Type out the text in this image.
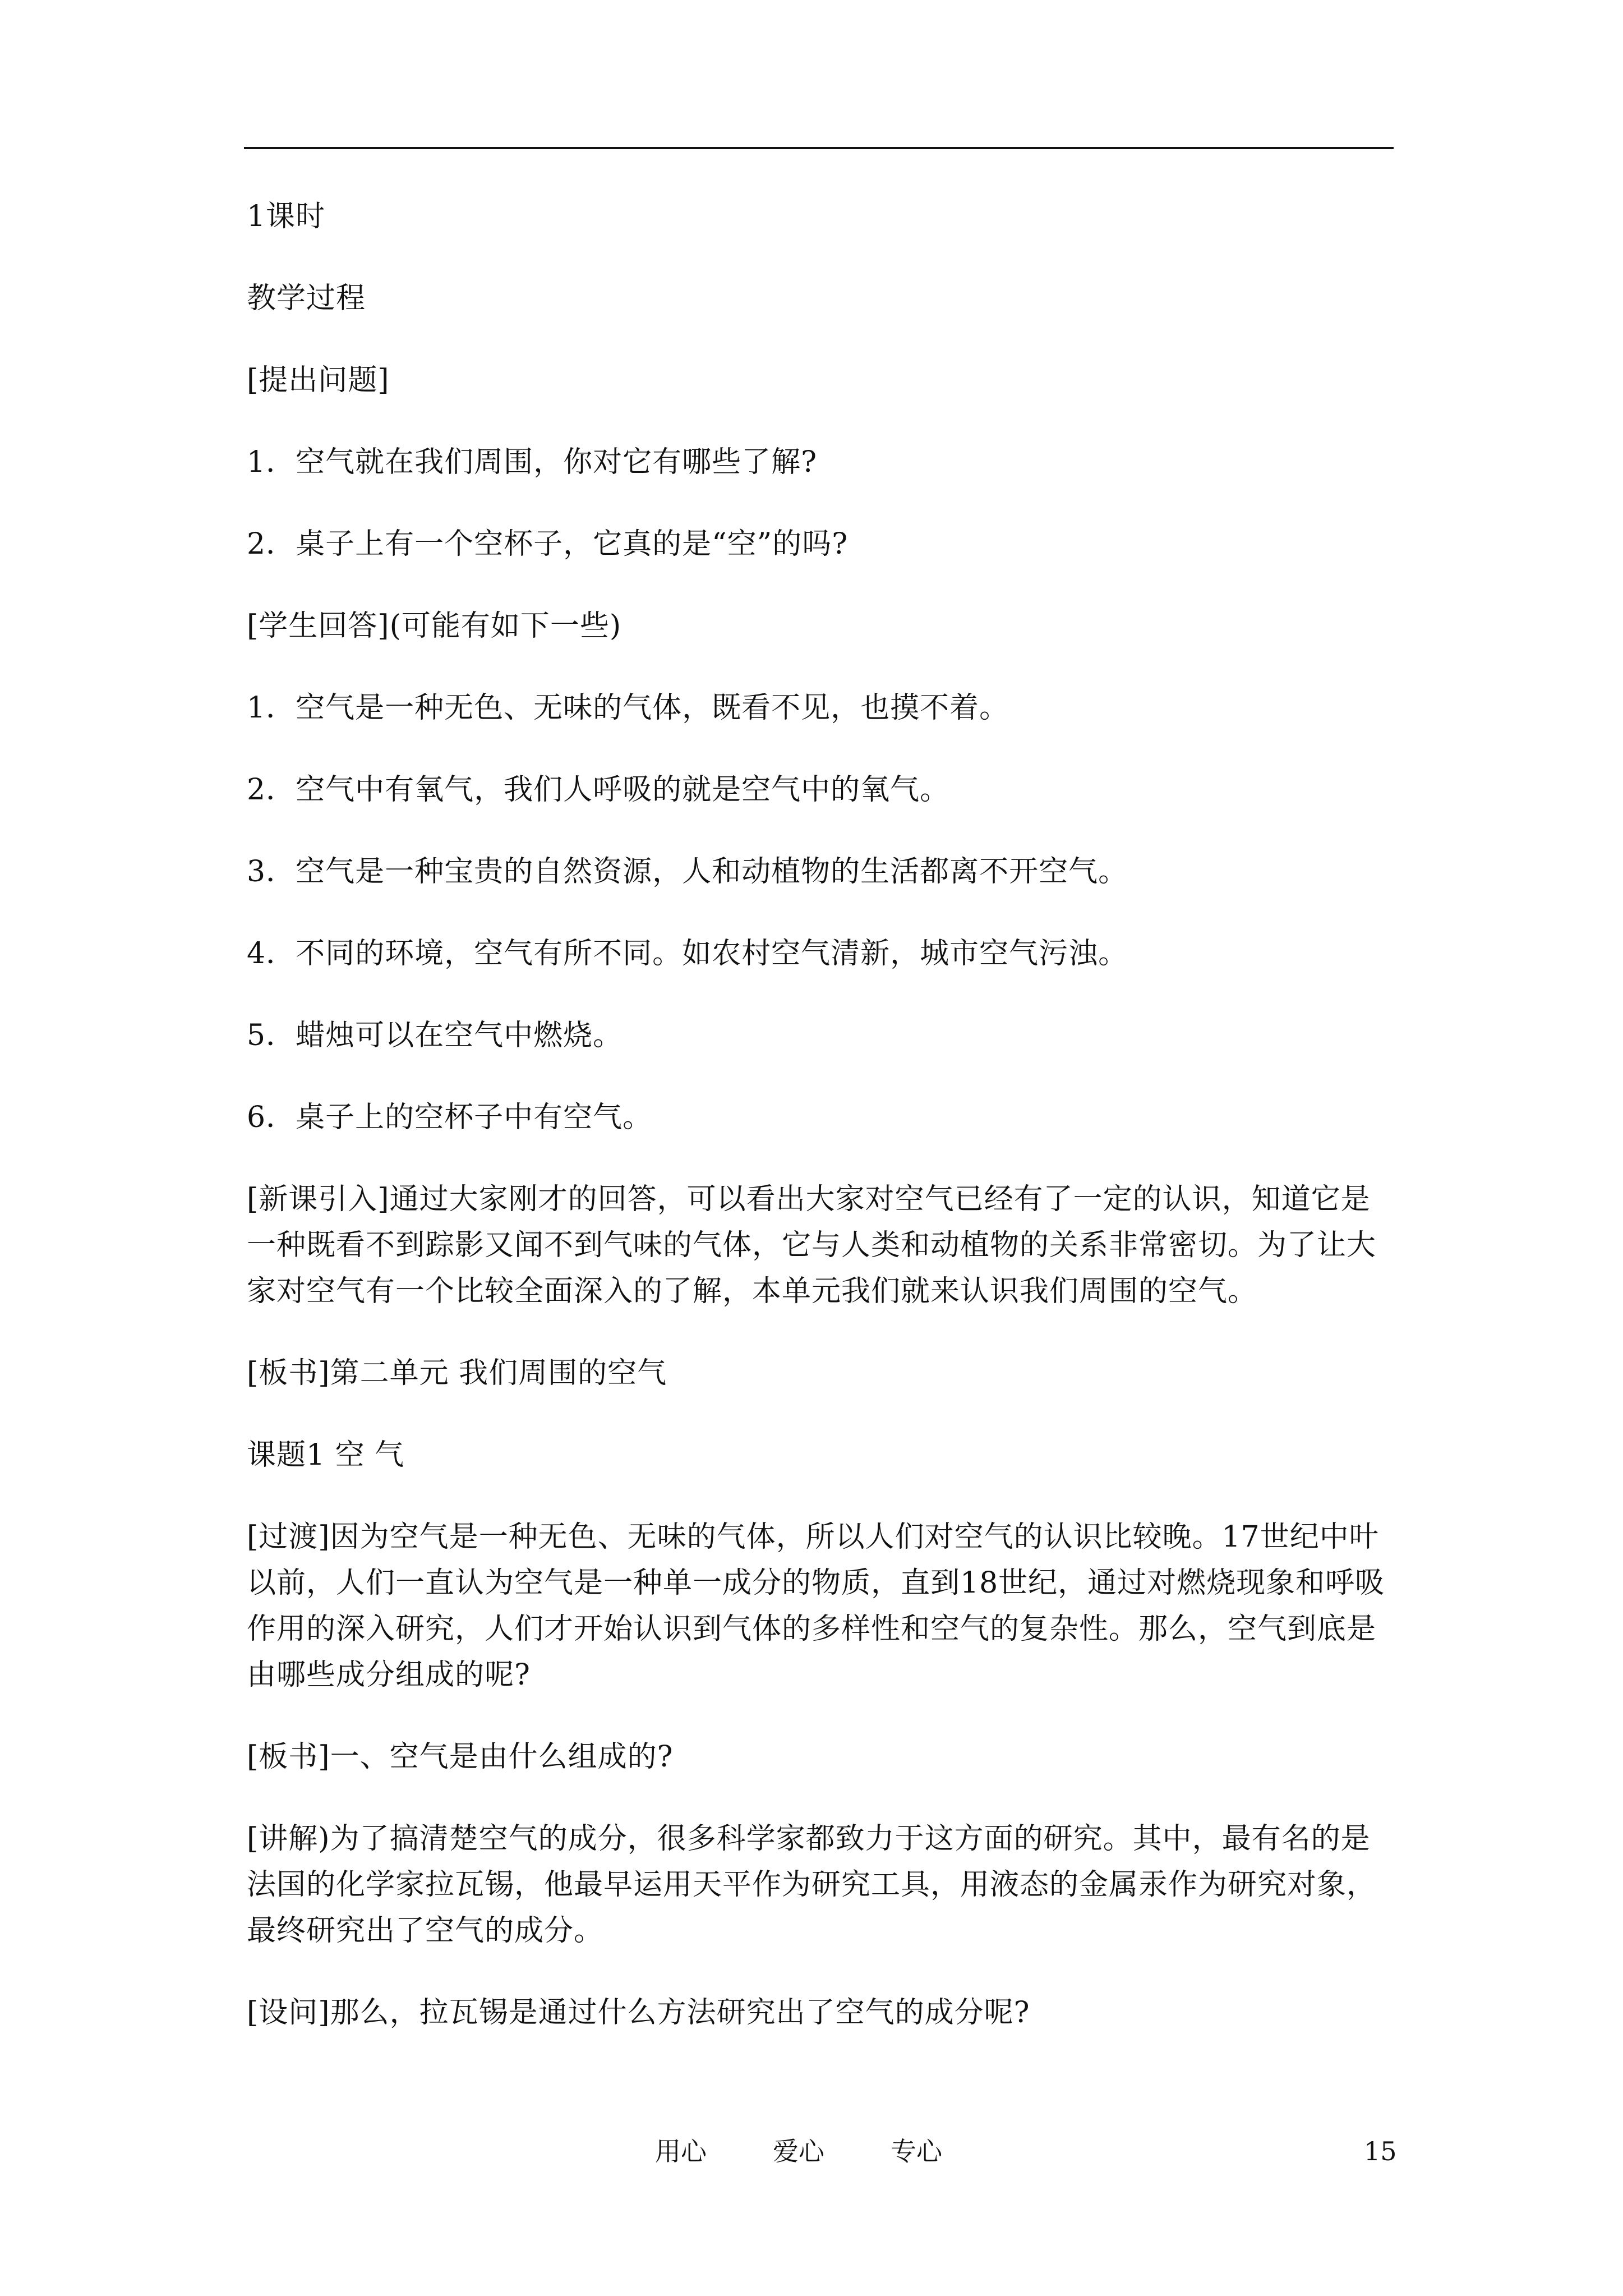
1课时

教学过程

[提出问题]

1．空气就在我们周围，你对它有哪些了解?

2．桌子上有一个空杯子，它真的是“空”的吗?

[学生回答](可能有如下一些)

1．空气是一种无色、无味的气体，既看不见，也摸不着。

2．空气中有氧气，我们人呼吸的就是空气中的氧气。

3．空气是一种宝贵的自然资源，人和动植物的生活都离不开空气。

4．不同的环境，空气有所不同。如农村空气清新，城市空气污浊。

5．蜡烛可以在空气中燃烧。

6．桌子上的空杯子中有空气。

[新课引入]通过大家刚才的回答，可以看出大家对空气已经有了一定的认识，知道它是一种既看不到踪影又闻不到气味的气体，它与人类和动植物的关系非常密切。为了让大家对空气有一个比较全面深入的了解，本单元我们就来认识我们周围的空气。

[板书]第二单元 我们周围的空气

课题1 空 气

[过渡]因为空气是一种无色、无味的气体，所以人们对空气的认识比较晚。17世纪中叶以前，人们一直认为空气是一种单一成分的物质，直到18世纪，通过对燃烧现象和呼吸作用的深入研究，人们才开始认识到气体的多样性和空气的复杂性。那么，空气到底是由哪些成分组成的呢?

[板书]一、空气是由什么组成的?

[讲解)为了搞清楚空气的成分，很多科学家都致力于这方面的研究。其中，最有名的是法国的化学家拉瓦锡，他最早运用天平作为研究工具，用液态的金属汞作为研究对象，最终研究出了空气的成分。

[设问]那么，拉瓦锡是通过什么方法研究出了空气的成分呢?

用心	爱心	专心	15
